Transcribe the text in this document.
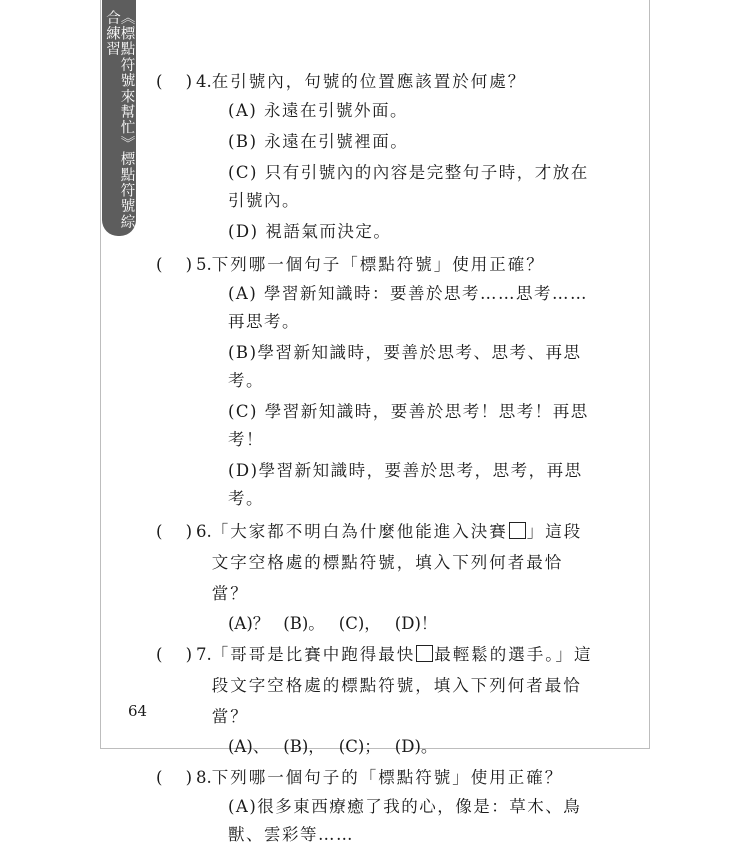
《標點符號來幫忙》標點符號綜合練習
( ) 4. 在引號內，句號的位置應該置於何處？
(A) 永遠在引號外面。
(B) 永遠在引號裡面。
(C) 只有引號內的內容是完整句子時，才放在引號內。
(D) 視語氣而決定。
( ) 5. 下列哪一個句子「標點符號」使用正確？
(A) 學習新知識時：要善於思考……思考……再思考。
(B)學習新知識時，要善於思考、思考、再思考。
(C) 學習新知識時，要善於思考！思考！再思考！
(D)學習新知識時，要善於思考，思考，再思考。
( ) 6. 「大家都不明白為什麼他能進入決賽 」這段文字空格處的標點符號，填入下列何者最恰當？
(A)？ (B)。 (C)， (D)！
( ) 7. 「哥哥是比賽中跑得最快 最輕鬆的選手。」這段文字空格處的標點符號，填入下列何者最恰當？
(A)、 (B)， (C)； (D)。
( ) 8. 下列哪一個句子的「標點符號」使用正確？
(A)很多東西療癒了我的心，像是：草木、鳥獸、雲彩等……
64
